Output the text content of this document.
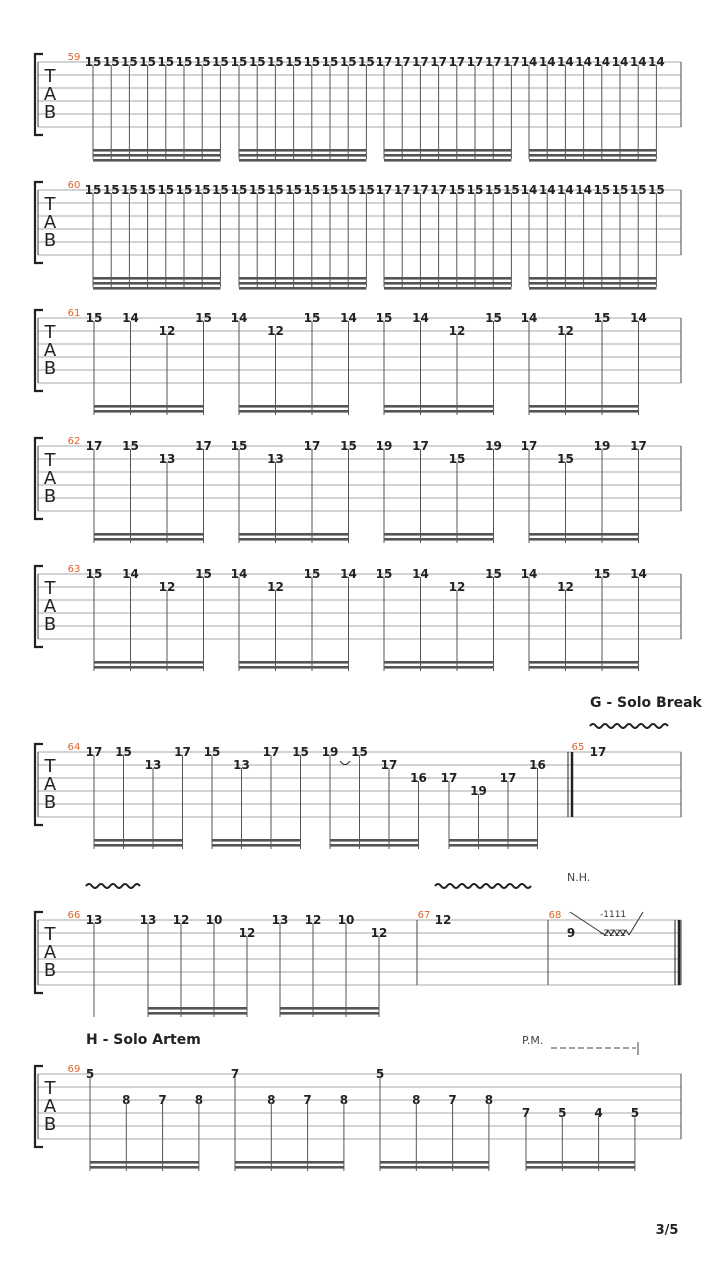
T
A
B
59 15 15 15 15 15 15 15 15 15 15 15 15 15 15 15 15 17 17 17 17 17 17 17 17 14 14 14 14 14 14 14 14
T
A
B
60 15 15 15 15 15 15 15 15 15 15 15 15 15 15 15 15 17 17 17 17 15 15 15 15 14 14 14 14 15 15 15 15
T
A
B
61 15 14
12
15 14
12
15 14 15 14
12
15 14
12
15 14
T
A
B
62 17 15
13
17 15
13
17 15 19 17
15
19 17
15
19 17
T
A
B
63 15 14
12
15 14
12
15 14 15 14
12
15 14
12
15 14
T
A
B
64	65
G - Solo Break
17 15
13
17 15
13
17 15 19 15
17
16 17
19
17
16
17
T
A
B
66	67	68
N.H.
13	13 12 10
12
13 12 10
12
12
9
-1111
-2222
T
A
B
69
H - Solo Artem	P.M.
5
8 7 8
7
8 7 8
5
8 7 8
7 5 4 5
3/5
